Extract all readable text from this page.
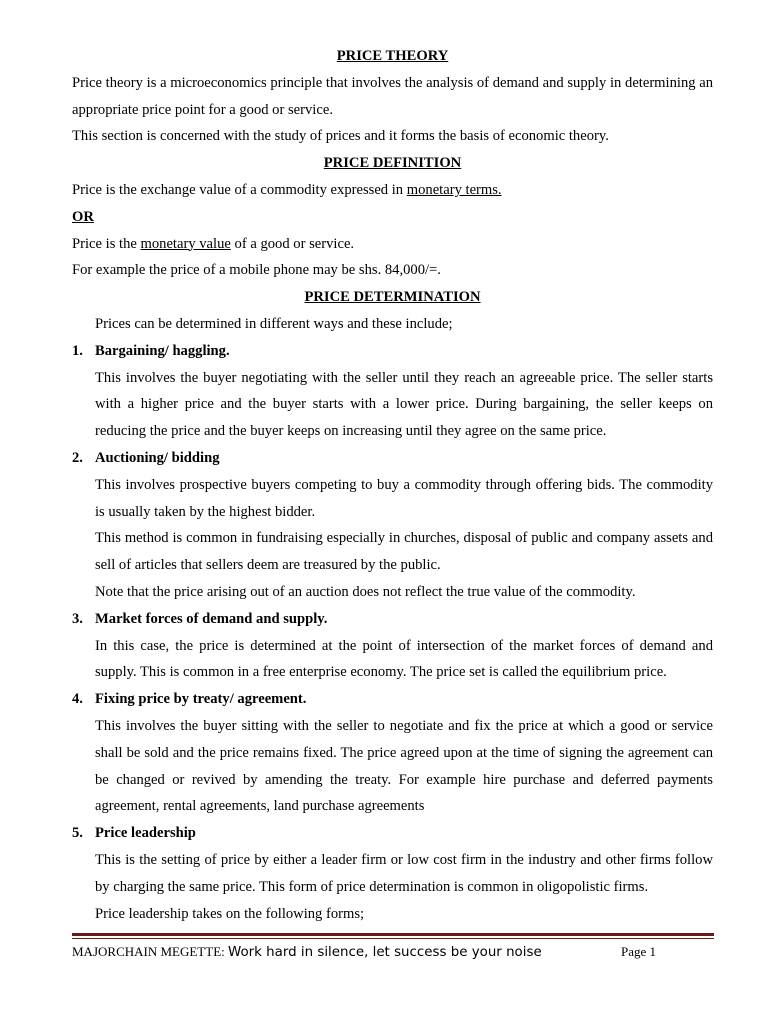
PRICE THEORY

Price theory is a microeconomics principle that involves the analysis of demand and supply in determining an appropriate price point for a good or service.

This section is concerned with the study of prices and it forms the basis of economic theory.

PRICE DEFINITION

Price is the exchange value of a commodity expressed in monetary terms.

OR

Price is the monetary value of a good or service.

For example the price of a mobile phone may be shs. 84,000/=.

PRICE DETERMINATION

Prices can be determined in different ways and these include;

1. Bargaining/ haggling.

This involves the buyer negotiating with the seller until they reach an agreeable price. The seller starts with a higher price and the buyer starts with a lower price. During bargaining, the seller keeps on reducing the price and the buyer keeps on increasing until they agree on the same price.

2. Auctioning/ bidding

This involves prospective buyers competing to buy a commodity through offering bids. The commodity is usually taken by the highest bidder.

This method is common in fundraising especially in churches, disposal of public and company assets and sell of articles that sellers deem are treasured by the public.

Note that the price arising out of an auction does not reflect the true value of the commodity.

3. Market forces of demand and supply.

In this case, the price is determined at the point of intersection of the market forces of demand and supply. This is common in a free enterprise economy. The price set is called the equilibrium price.

4. Fixing price by treaty/ agreement.

This involves the buyer sitting with the seller to negotiate and fix the price at which a good or service shall be sold and the price remains fixed. The price agreed upon at the time of signing the agreement can be changed or revived by amending the treaty. For example hire purchase and deferred payments agreement, rental agreements, land purchase agreements

5. Price leadership

This is the setting of price by either a leader firm or low cost firm in the industry and other firms follow by charging the same price. This form of price determination is common in oligopolistic firms.

Price leadership takes on the following forms;

MAJORCHAIN MEGETTE: Work hard in silence, let success be your noise	Page 1
